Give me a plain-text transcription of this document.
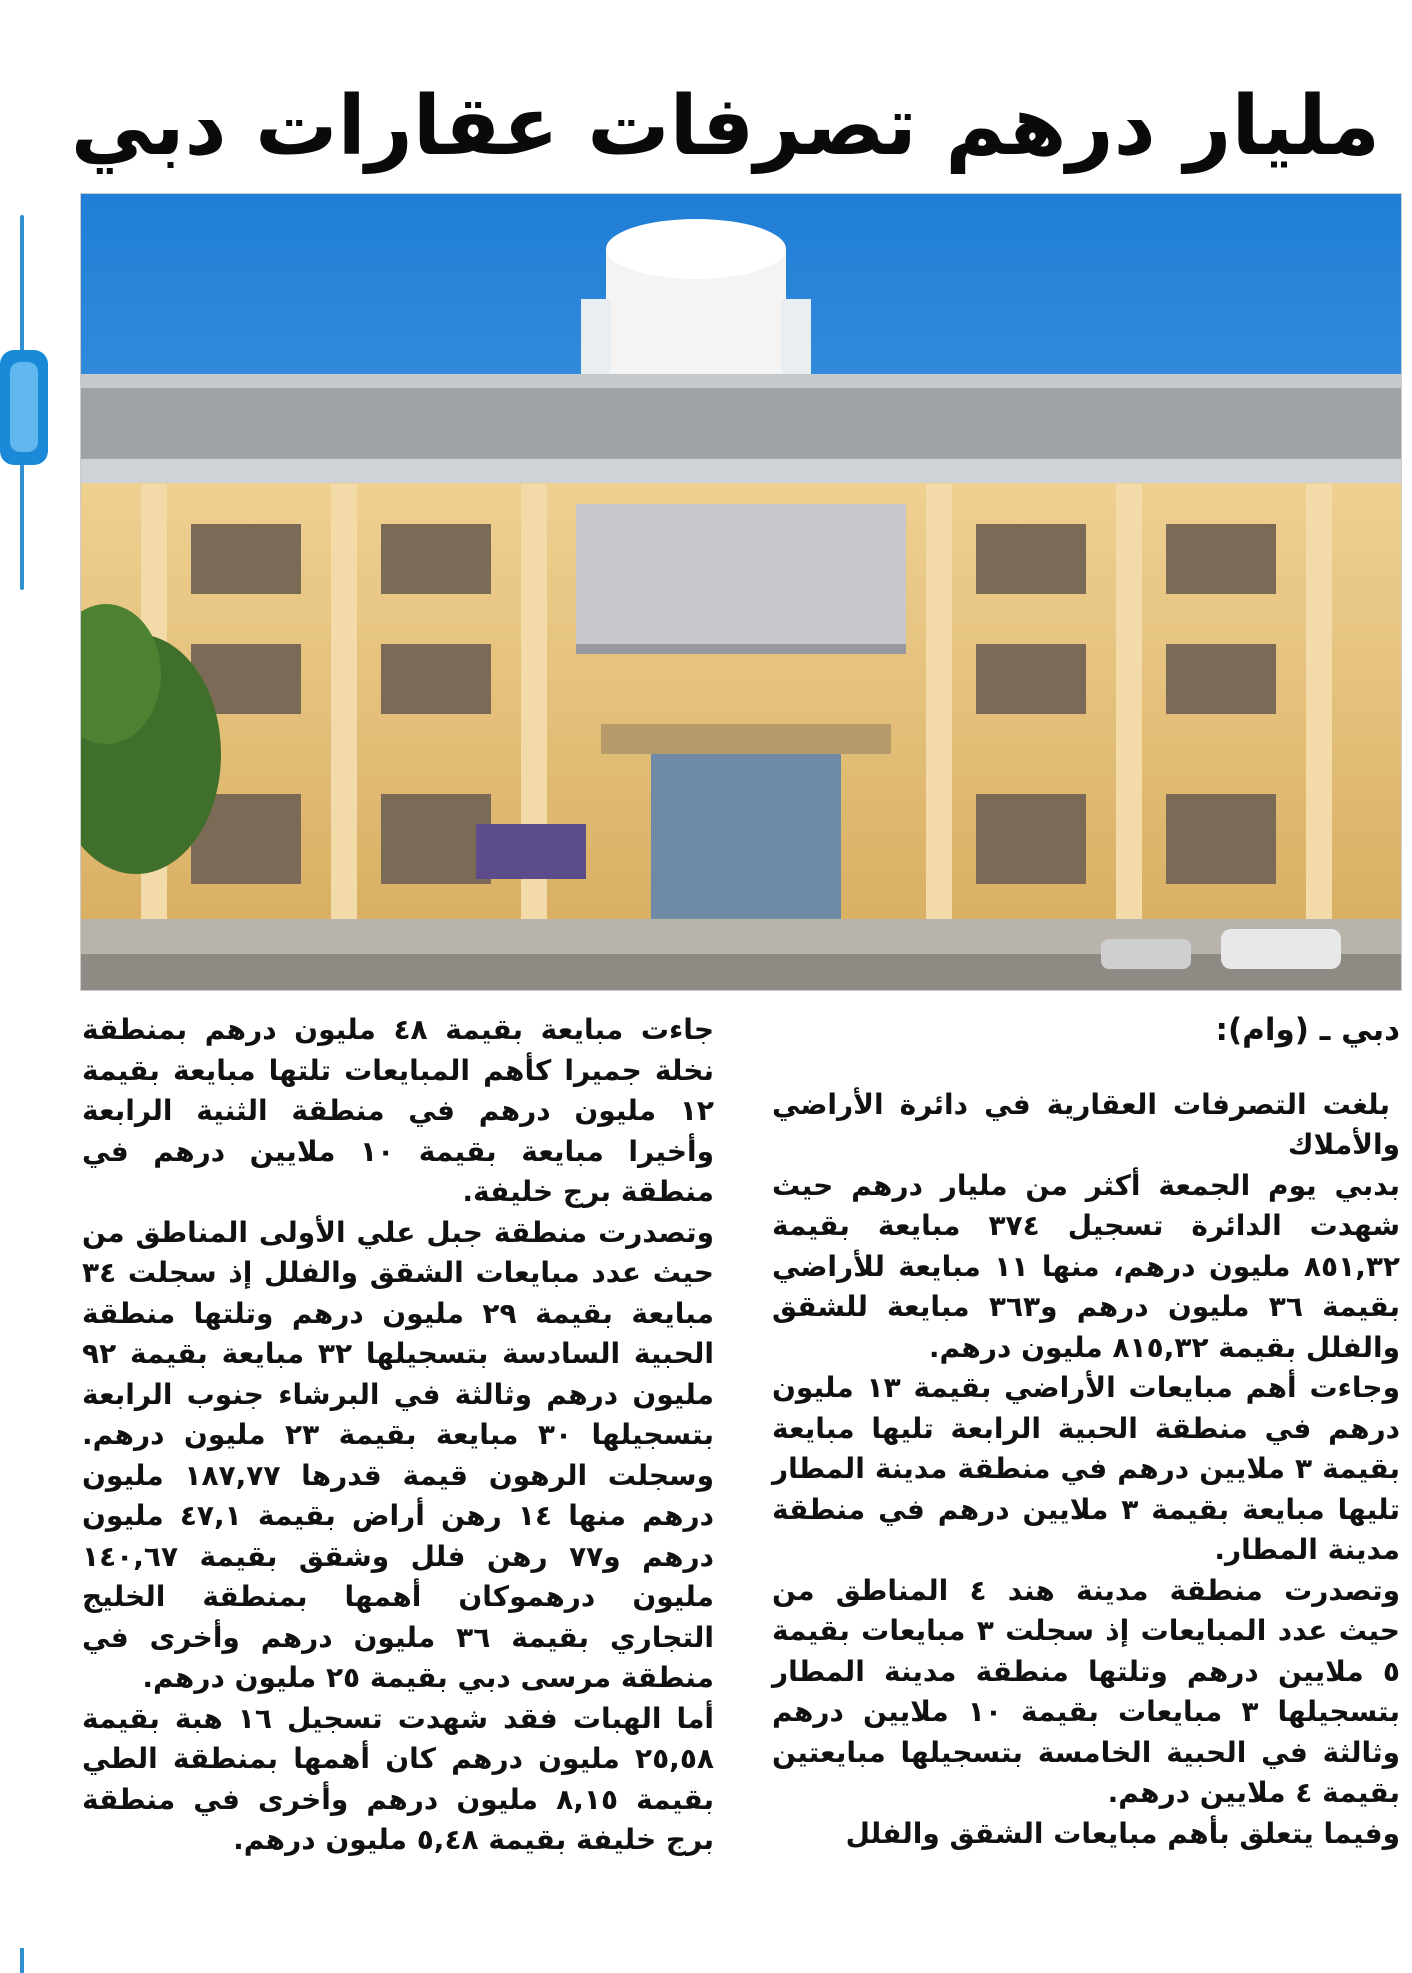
مليار درهم تصرفات عقارات دبي

دبي ـ (وام):

بلغت التصرفات العقارية في دائرة الأراضي والأملاك

بدبي يوم الجمعة أكثر من مليار درهم حيث شهدت الدائرة تسجيل ٣٧٤ مبايعة بقيمة ٨٥١,٣٢ مليون درهم، منها ١١ مبايعة للأراضي بقيمة ٣٦ مليون درهم و٣٦٣ مبايعة للشقق والفلل بقيمة ٨١٥,٣٢ مليون درهم.

وجاءت أهم مبايعات الأراضي بقيمة ١٣ مليون درهم في منطقة الحبية الرابعة تليها مبايعة بقيمة ٣ ملايين درهم في منطقة مدينة المطار تليها مبايعة بقيمة ٣ ملايين درهم في منطقة مدينة المطار.

وتصدرت منطقة مدينة هند ٤ المناطق من حيث عدد المبايعات إذ سجلت ٣ مبايعات بقيمة ٥ ملايين درهم وتلتها منطقة مدينة المطار بتسجيلها ٣ مبايعات بقيمة ١٠ ملايين درهم وثالثة في الحبية الخامسة بتسجيلها مبايعتين بقيمة ٤ ملايين درهم.

وفيما يتعلق بأهم مبايعات الشقق والفلل

جاءت مبايعة بقيمة ٤٨ مليون درهم بمنطقة نخلة جميرا كأهم المبايعات تلتها مبايعة بقيمة ١٢ مليون درهم في منطقة الثنية الرابعة وأخيرا مبايعة بقيمة ١٠ ملايين درهم في منطقة برج خليفة.

وتصدرت منطقة جبل علي الأولى المناطق من حيث عدد مبايعات الشقق والفلل إذ سجلت ٣٤ مبايعة بقيمة ٢٩ مليون درهم وتلتها منطقة الحبية السادسة بتسجيلها ٣٢ مبايعة بقيمة ٩٢ مليون درهم وثالثة في البرشاء جنوب الرابعة بتسجيلها ٣٠ مبايعة بقيمة ٢٣ مليون درهم. وسجلت الرهون قيمة قدرها ١٨٧,٧٧ مليون درهم منها ١٤ رهن أراض بقيمة ٤٧,١ مليون درهم و٧٧ رهن فلل وشقق بقيمة ١٤٠,٦٧ مليون درهموكان أهمها بمنطقة الخليج التجاري بقيمة ٣٦ مليون درهم وأخرى في منطقة مرسى دبي بقيمة ٢٥ مليون درهم.

أما الهبات فقد شهدت تسجيل ١٦ هبة بقيمة ٢٥,٥٨ مليون درهم كان أهمها بمنطقة الطي بقيمة ٨,١٥ مليون درهم وأخرى في منطقة برج خليفة بقيمة ٥,٤٨ مليون درهم.
